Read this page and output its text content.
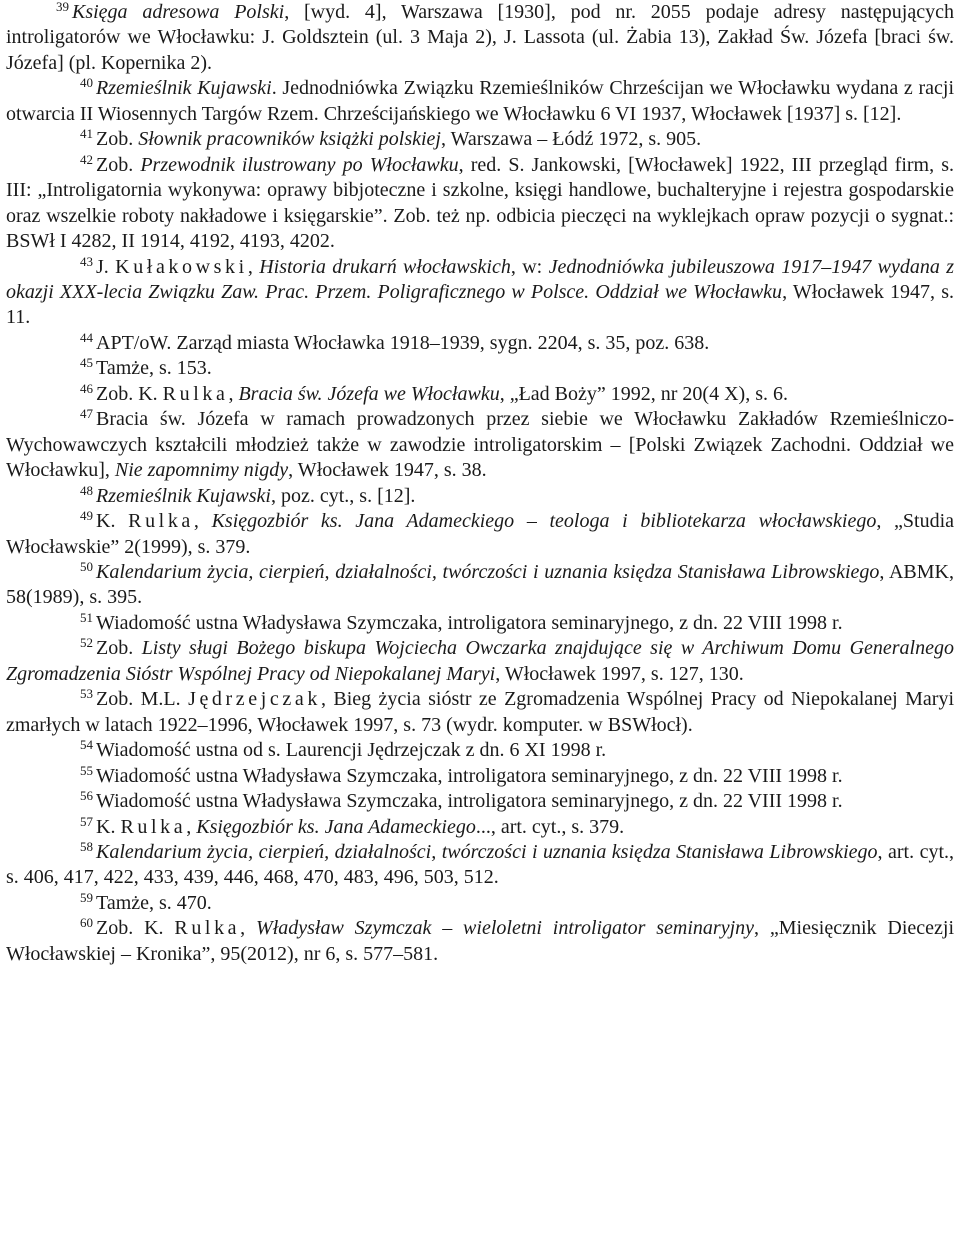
$^{39}$ Księga adresowa Polski, [wyd. 4], Warszawa [1930], pod nr. 2055 podaje adresy następujących introligatorów we Włocławku: J. Goldsztein (ul. 3 Maja 2), J. Lassota (ul. Żabia 13), Zakład Św. Józefa [braci św. Józefa] (pl. Kopernika 2).

$^{40}$ Rzemieślnik Kujawski. Jednodniówka Związku Rzemieślników Chrześcijan we Włocławku wydana z racji otwarcia II Wiosennych Targów Rzem. Chrześcijańskiego we Włocławku 6 VI 1937, Włocławek [1937] s. [12].

$^{41}$ Zob. Słownik pracowników książki polskiej, Warszawa – Łódź 1972, s. 905.

$^{42}$ Zob. Przewodnik ilustrowany po Włocławku, red. S. Jankowski, [Włocławek] 1922, III przegląd firm, s. III: „Introligatornia wykonywa: oprawy bibjoteczne i szkolne, księgi handlowe, buchalteryjne i rejestra gospodarskie oraz wszelkie roboty nakładowe i księgarskie”. Zob. też np. odbicia pieczęci na wyklejkach opraw pozycji o sygnat.: BSWł I 4282, II 1914, 4192, 4193, 4202.

$^{43}$ J. Kułakowski, Historia drukarń włocławskich, w: Jednodniówka jubileuszowa 1917–1947 wydana z okazji XXX-lecia Związku Zaw. Prac. Przem. Poligraficznego w Polsce. Oddział we Włocławku, Włocławek 1947, s. 11.

$^{44}$ APT/oW. Zarząd miasta Włocławka 1918–1939, sygn. 2204, s. 35, poz. 638.

$^{45}$ Tamże, s. 153.

$^{46}$ Zob. K. Rulka, Bracia św. Józefa we Włocławku, „Ład Boży” 1992, nr 20(4 X), s. 6.

$^{47}$ Bracia św. Józefa w ramach prowadzonych przez siebie we Włocławku Zakładów Rzemieślniczo-Wychowawczych kształcili młodzież także w zawodzie introligatorskim – [Polski Związek Zachodni. Oddział we Włocławku], Nie zapomnimy nigdy, Włocławek 1947, s. 38.

$^{48}$ Rzemieślnik Kujawski, poz. cyt., s. [12].

$^{49}$ K. Rulka, Księgozbiór ks. Jana Adameckiego – teologa i bibliotekarza włocławskiego, „Studia Włocławskie” 2(1999), s. 379.

$^{50}$ Kalendarium życia, cierpień, działalności, twórczości i uznania księdza Stanisława Librowskiego, ABMK, 58(1989), s. 395.

$^{51}$ Wiadomość ustna Władysława Szymczaka, introligatora seminaryjnego, z dn. 22 VIII 1998 r.

$^{52}$ Zob. Listy sługi Bożego biskupa Wojciecha Owczarka znajdujące się w Archiwum Domu Generalnego Zgromadzenia Sióstr Wspólnej Pracy od Niepokalanej Maryi, Włocławek 1997, s. 127, 130.

$^{53}$ Zob. M.L. Jędrzejczak, Bieg życia sióstr ze Zgromadzenia Wspólnej Pracy od Niepokalanej Maryi zmarłych w latach 1922–1996, Włocławek 1997, s. 73 (wydr. komputer. w BSWłocł).

$^{54}$ Wiadomość ustna od s. Laurencji Jędrzejczak z dn. 6 XI 1998 r.

$^{55}$ Wiadomość ustna Władysława Szymczaka, introligatora seminaryjnego, z dn. 22 VIII 1998 r.

$^{56}$ Wiadomość ustna Władysława Szymczaka, introligatora seminaryjnego, z dn. 22 VIII 1998 r.

$^{57}$ K. Rulka, Księgozbiór ks. Jana Adameckiego..., art. cyt., s. 379.

$^{58}$ Kalendarium życia, cierpień, działalności, twórczości i uznania księdza Stanisława Librowskiego, art. cyt., s. 406, 417, 422, 433, 439, 446, 468, 470, 483, 496, 503, 512.

$^{59}$ Tamże, s. 470.

$^{60}$ Zob. K. Rulka, Władysław Szymczak – wieloletni introligator seminaryjny, „Miesięcznik Diecezji Włocławskiej – Kronika”, 95(2012), nr 6, s. 577–581.
